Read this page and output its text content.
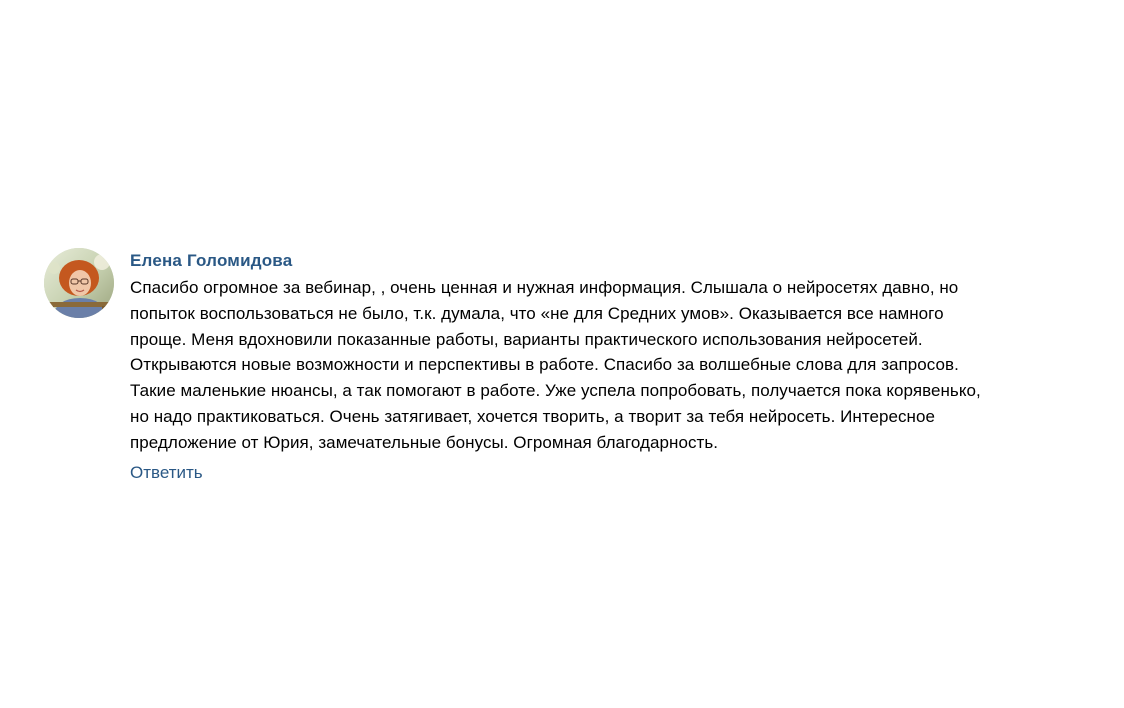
Елена Голомидова

Спасибо огромное за вебинар, , очень ценная и нужная информация. Слышала о нейросетях давно, но
попыток воспользоваться не было, т.к. думала, что «не для Средних умов». Оказывается все намного
проще. Меня вдохновили показанные работы, варианты практического использования нейросетей.
Открываются новые возможности и перспективы в работе. Спасибо за волшебные слова для запросов.
Такие маленькие нюансы, а так помогают в работе. Уже успела попробовать, получается пока корявенько,
но надо практиковаться. Очень затягивает, хочется творить, а творит за тебя нейросеть. Интересное
предложение от Юрия, замечательные бонусы. Огромная благодарность.

Ответить
